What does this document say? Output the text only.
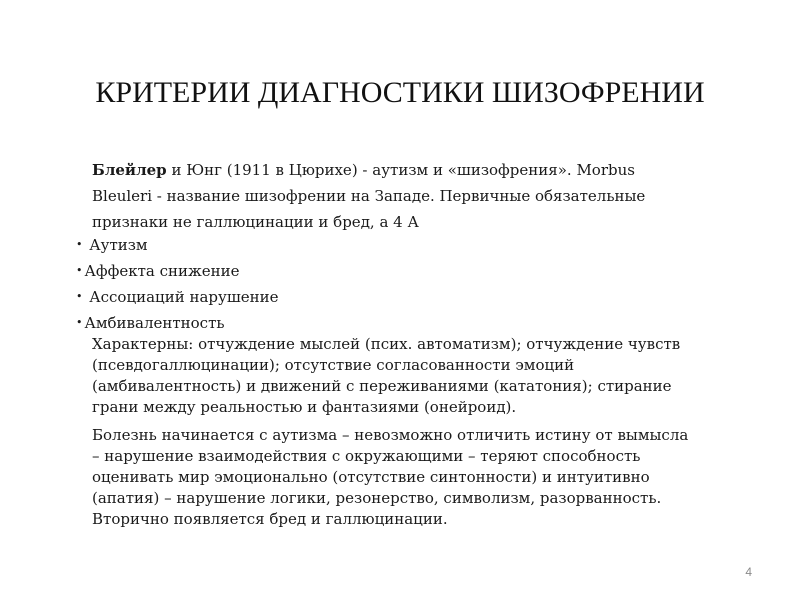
КРИТЕРИИ ДИАГНОСТИКИ ШИЗОФРЕНИИ
Блейлер и Юнг (1911 в Цюрихе) - аутизм и «шизофрения». Morbus
Bleuleri - название шизофрении на Западе. Первичные обязательные
признаки не галлюцинации и бред, а 4 А
• Аутизм
• Аффекта снижение
• Ассоциаций нарушение
• Амбивалентность
Характерны: отчуждение мыслей (псих. автоматизм); отчуждение чувств (псевдогаллюцинации); отсутствие согласованности эмоций (амбивалентность) и движений с переживаниями (кататония); стирание грани между реальностью и фантазиями (онейроид).
Болезнь начинается с аутизма – невозможно отличить истину от вымысла – нарушение взаимодействия с окружающими – теряют способность оценивать мир эмоционально (отсутствие синтонности) и интуитивно (апатия) – нарушение логики, резонерство, символизм, разорванность. Вторично появляется бред и галлюцинации.
4
